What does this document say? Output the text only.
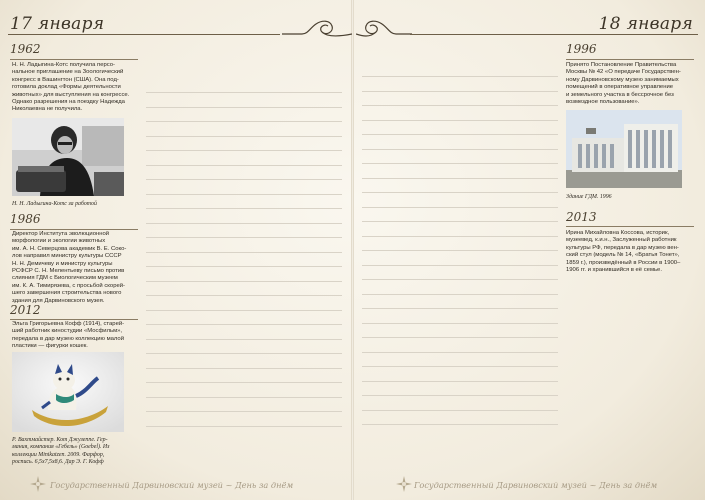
17 января
1962
Н. Н. Ладыгина-Котс получила персо-
нальное приглашение на Зоологический
конгресс в Вашингтон (США). Она под-
готовила доклад «Формы деятельности
животных» для выступления на конгрессе.
Однако разрешения на поездку Надежда
Николаевна не получила.
Н. Н. Ладыгина-Котс за работой
1986
Директор Института эволюционной
морфологии и экологии животных
им. А. Н. Северцова академик В. Е. Соко-
лов направил министру культуры СССР
Н. Н. Демичеву и министру культуры
РСФСР С. Н. Мелентьеву письмо против
слияния ГДМ с Биологическим музеем
им. К. А. Тимирязева, с просьбой скорей-
шего завершения строительства нового
здания для Дарвиновского музея.
2012
Эльга Григорьевна Кофф (1914), старей-
ший работник киностудии «Мосфильм»,
передала в дар музею коллекцию малой
пластики — фигурки кошек.
Р. Вахтмайстер. Кот Джузеппе. Гер-
мания, компания «Гебель» (Goebel). Из
коллекции Minikatzen. 2009. Фарфор,
роспись. 6,5х7,5х8,6. Дар Э. Г. Кофф
Государственный Дарвиновский музей ~ День за днём
18 января
1996
Принято Постановление Правительства
Москвы № 42 «О передаче Государствен-
ному Дарвиновскому музею занимаемых
помещений в оперативное управление
и земельного участка в бессрочное без
возмездное пользование».
Здание ГДМ. 1996
2013
Ирина Михайловна Коссова, историк,
музеевед, к.и.н., Заслуженный работник
культуры РФ, передала в дар музею вен-
ский стул (модель № 14, «Братья Тонет»,
1859 г.), произведённый в России в 1900–
1906 гг. и хранившийся в её семье.
Государственный Дарвиновский музей ~ День за днём
